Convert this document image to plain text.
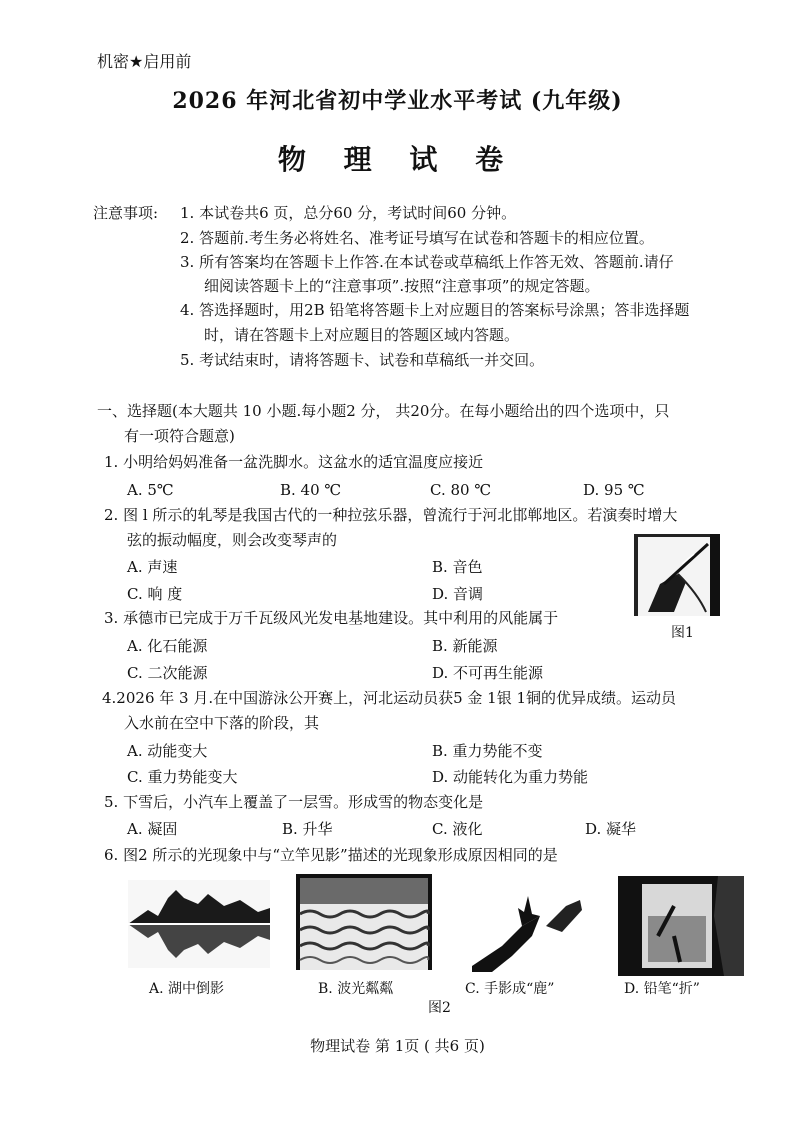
机密★启用前
2026 年河北省初中学业水平考试 (九年级)
物 理 试 卷
注意事项: 1. 本试卷共6 页，总分60 分，考试时间60 分钟。
2. 答题前.考生务必将姓名、准考证号填写在试卷和答题卡的相应位置。
3. 所有答案均在答题卡上作答.在本试卷或草稿纸上作答无效、答题前.请仔
细阅读答题卡上的“注意事项”.按照“注意事项”的规定答题。
4. 答选择题时，用2B 铅笔将答题卡上对应题目的答案标号涂黑；答非选择题
时，请在答题卡上对应题目的答题区域内答题。
5. 考试结束时，请将答题卡、试卷和草稿纸一并交回。
一、选择题(本大题共 10 小题.每小题2 分， 共20分。在每小题给出的四个选项中，只
有一项符合题意)
1. 小明给妈妈准备一盆洗脚水。这盆水的适宜温度应接近
A. 5℃	B. 40 ℃	C. 80 ℃	D. 95 ℃
2. 图 l 所示的轧琴是我国古代的一种拉弦乐器，曾流行于河北邯郸地区。若演奏时增大
弦的振动幅度，则会改变琴声的
A. 声速	B. 音色
C. 响 度	D. 音调
图1
3. 承德市已完成于万千瓦级风光发电基地建设。其中利用的风能属于
A. 化石能源	B. 新能源
C. 二次能源	D. 不可再生能源
4.2026 年 3 月.在中国游泳公开赛上，河北运动员获5 金 1银 1铜的优异成绩。运动员
入水前在空中下落的阶段，其
A. 动能变大	B. 重力势能不变
C. 重力势能变大	D. 动能转化为重力势能
5. 下雪后，小汽车上覆盖了一层雪。形成雪的物态变化是
A. 凝固	B. 升华	C. 液化	D. 凝华
6. 图2 所示的光现象中与“立竿见影”描述的光现象形成原因相同的是
A. 湖中倒影	B. 波光粼粼	C. 手影成“鹿”	D. 铅笔“折”
图2
物理试卷 第 1页 ( 共6 页)
